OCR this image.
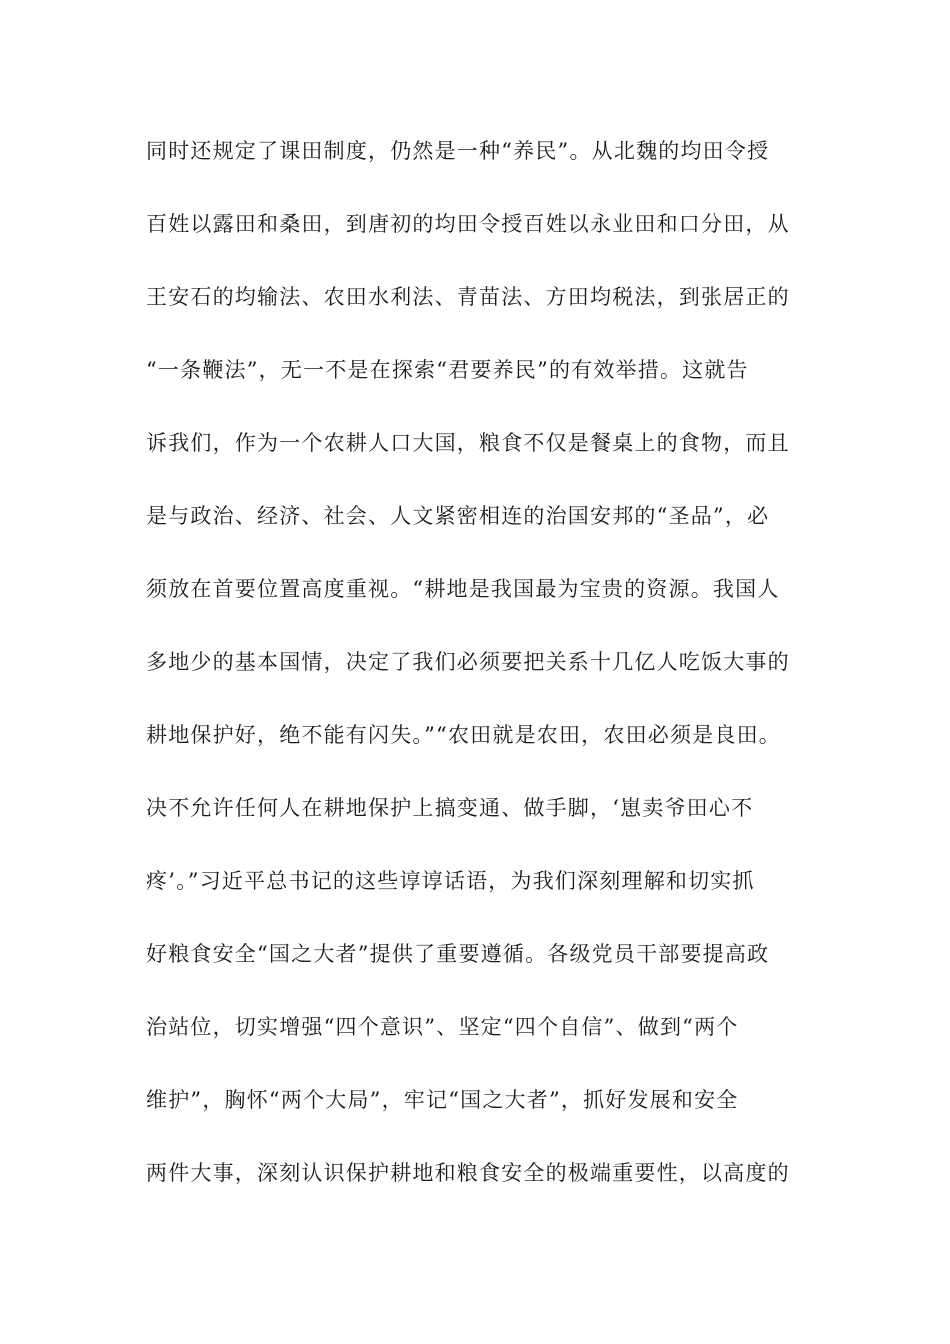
同时还规定了课田制度，仍然是一种“养民”。从北魏的均田令授
百姓以露田和桑田，到唐初的均田令授百姓以永业田和口分田，从
王安石的均输法、农田水利法、青苗法、方田均税法，到张居正的
“一条鞭法”，无一不是在探索“君要养民”的有效举措。这就告
诉我们，作为一个农耕人口大国，粮食不仅是餐桌上的食物，而且
是与政治、经济、社会、人文紧密相连的治国安邦的“圣品”，必
须放在首要位置高度重视。“耕地是我国最为宝贵的资源。我国人
多地少的基本国情，决定了我们必须要把关系十几亿人吃饭大事的
耕地保护好，绝不能有闪失。”“农田就是农田，农田必须是良田。
决不允许任何人在耕地保护上搞变通、做手脚，‘崽卖爷田心不
疼’。”习近平总书记的这些谆谆话语，为我们深刻理解和切实抓
好粮食安全“国之大者”提供了重要遵循。各级党员干部要提高政
治站位，切实增强“四个意识”、坚定“四个自信”、做到“两个
维护”，胸怀“两个大局”，牢记“国之大者”，抓好发展和安全
两件大事，深刻认识保护耕地和粮食安全的极端重要性，以高度的
